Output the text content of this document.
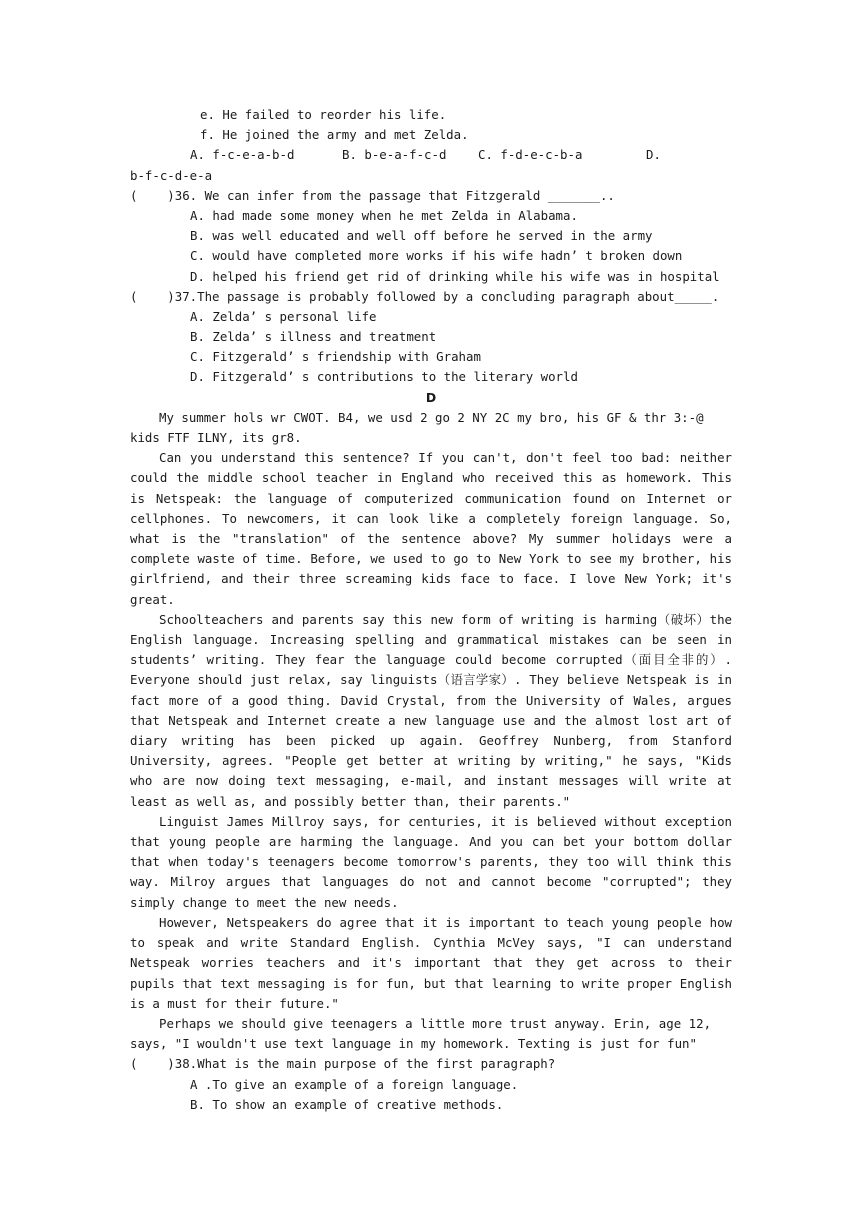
e. He failed to reorder his life.
f. He joined the army and met Zelda.
A. f-c-e-a-b-d	B. b-e-a-f-c-d	C. f-d-e-c-b-a	D.
b-f-c-d-e-a
(    )36. We can infer from the passage that Fitzgerald _______..
A. had made some money when he met Zelda in Alabama.
B. was well educated and well off before he served in the army
C. would have completed more works if his wife hadn’ t broken down
D. helped his friend get rid of drinking while his wife was in hospital
(    )37.The passage is probably followed by a concluding paragraph about_____.
A. Zelda’ s personal life
B. Zelda’ s illness and treatment
C. Fitzgerald’ s friendship with Graham
D. Fitzgerald’ s contributions to the literary world
D

My summer hols wr CWOT. B4, we usd 2 go 2 NY 2C my bro, his GF & thr 3:-@ kids FTF ILNY, its gr8.

Can you understand this sentence? If you can't, don't feel too bad: neither could the middle school teacher in England who received this as homework. This is Netspeak: the language of computerized communication found on Internet or cellphones. To newcomers, it can look like a completely foreign language. So, what is the "translation" of the sentence above? My summer holidays were a complete waste of time. Before, we used to go to New York to see my brother, his girlfriend, and their three screaming kids face to face. I love New York; it's great.

Schoolteachers and parents say this new form of writing is harming（破坏）the English language. Increasing spelling and grammatical mistakes can be seen in students’ writing. They fear the language could become corrupted（面目全非的）. Everyone should just relax, say linguists（语言学家）. They believe Netspeak is in fact more of a good thing. David Crystal, from the University of Wales, argues that Netspeak and Internet create a new language use and the almost lost art of diary writing has been picked up again. Geoffrey Nunberg, from Stanford University, agrees. "People get better at writing by writing," he says, "Kids who are now doing text messaging, e-mail, and instant messages will write at least as well as, and possibly better than, their parents."

Linguist James Millroy says, for centuries, it is believed without exception that young people are harming the language. And you can bet your bottom dollar that when today's teenagers become tomorrow's parents, they too will think this way. Milroy argues that languages do not and cannot become "corrupted"; they simply change to meet the new needs.

However, Netspeakers do agree that it is important to teach young people how to speak and write Standard English. Cynthia McVey says, "I can understand Netspeak worries teachers and it's important that they get across to their pupils that text messaging is for fun, but that learning to write proper English is a must for their future."

Perhaps we should give teenagers a little more trust anyway. Erin, age 12, says, "I wouldn't use text language in my homework. Texting is just for fun"

(    )38.What is the main purpose of the first paragraph?
A .To give an example of a foreign language.
B. To show an example of creative methods.
